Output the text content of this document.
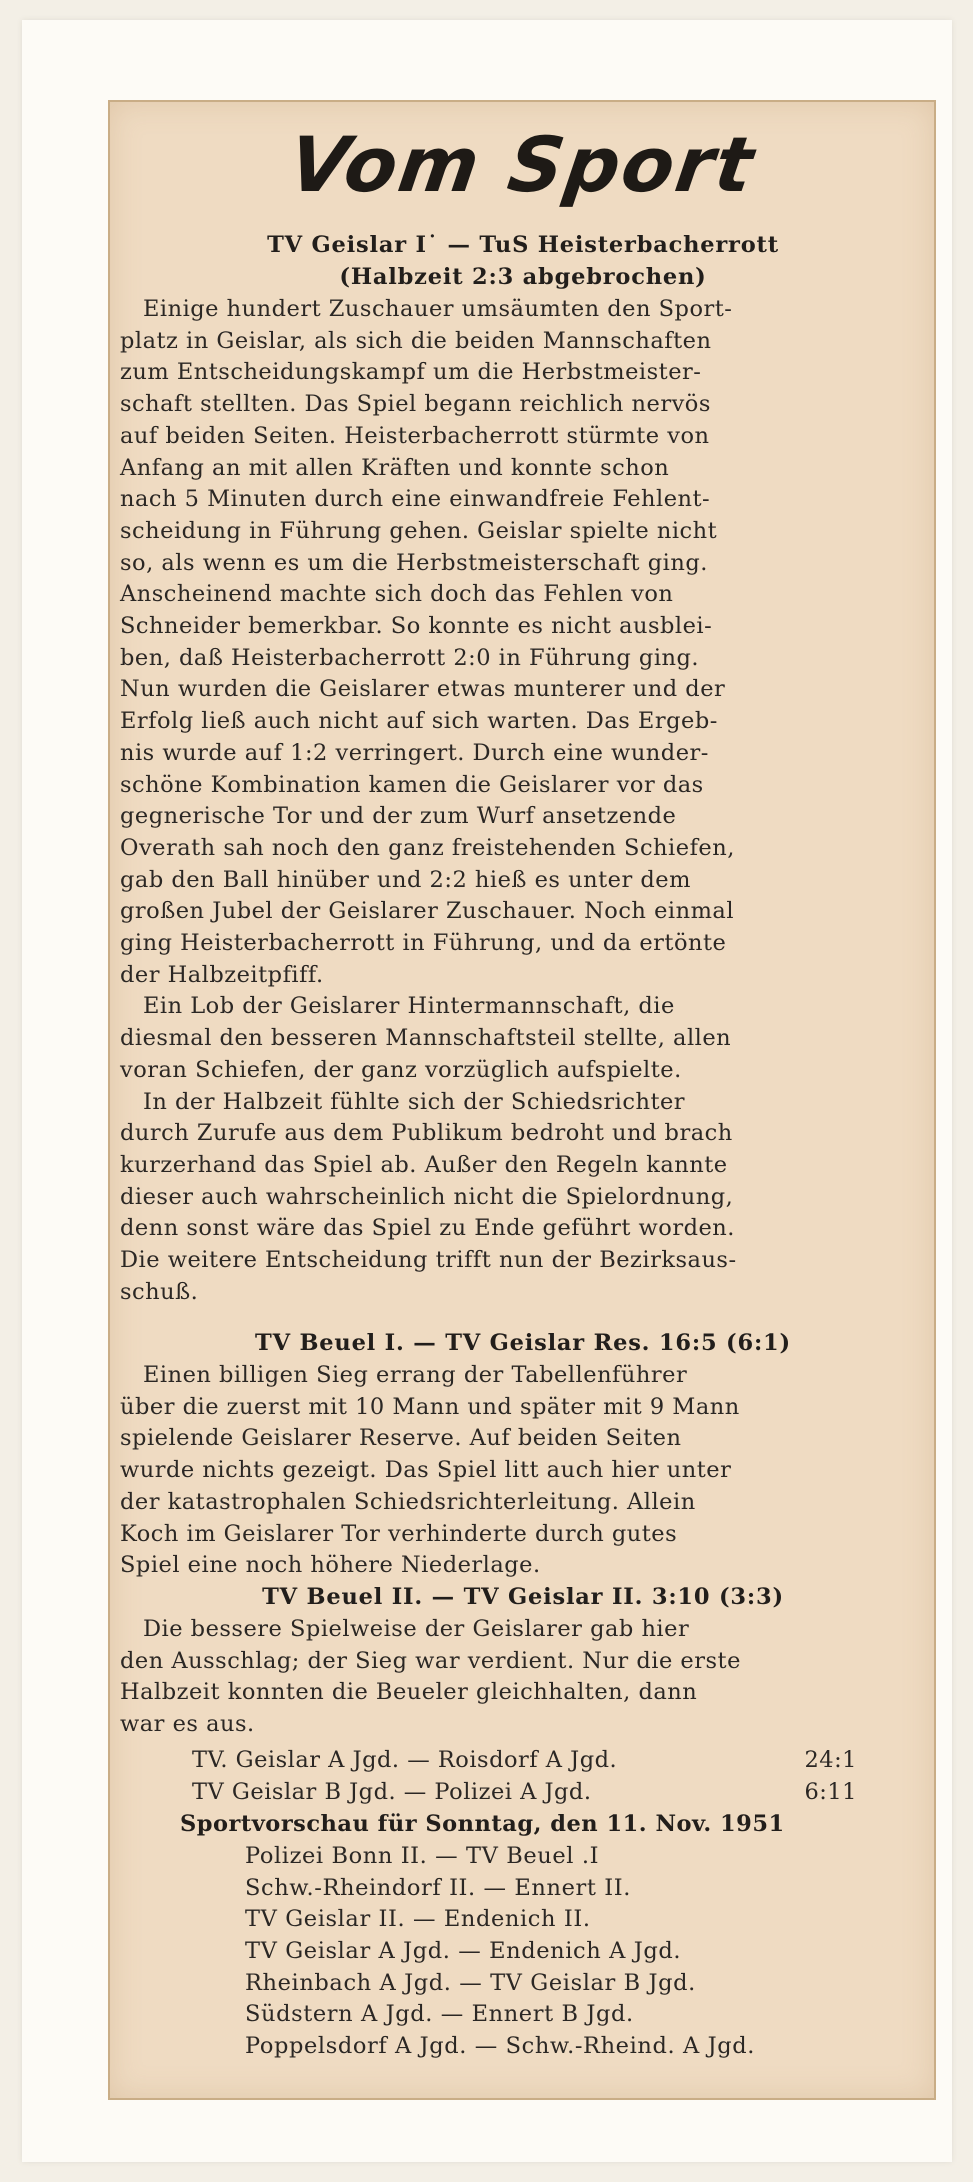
Vom Sport
TV Geislar I˙ — TuS Heisterbacherrott
(Halbzeit 2:3 abgebrochen)
Einige hundert Zuschauer umsäumten den Sport-
platz in Geislar, als sich die beiden Mannschaften
zum Entscheidungskampf um die Herbstmeister-
schaft stellten. Das Spiel begann reichlich nervös
auf beiden Seiten. Heisterbacherrott stürmte von
Anfang an mit allen Kräften und konnte schon
nach 5 Minuten durch eine einwandfreie Fehlent-
scheidung in Führung gehen. Geislar spielte nicht
so, als wenn es um die Herbstmeisterschaft ging.
Anscheinend machte sich doch das Fehlen von
Schneider bemerkbar. So konnte es nicht ausblei-
ben, daß Heisterbacherrott 2:0 in Führung ging.
Nun wurden die Geislarer etwas munterer und der
Erfolg ließ auch nicht auf sich warten. Das Ergeb-
nis wurde auf 1:2 verringert. Durch eine wunder-
schöne Kombination kamen die Geislarer vor das
gegnerische Tor und der zum Wurf ansetzende
Overath sah noch den ganz freistehenden Schiefen,
gab den Ball hinüber und 2:2 hieß es unter dem
großen Jubel der Geislarer Zuschauer. Noch einmal
ging Heisterbacherrott in Führung, und da ertönte
der Halbzeitpfiff.
Ein Lob der Geislarer Hintermannschaft, die
diesmal den besseren Mannschaftsteil stellte, allen
voran Schiefen, der ganz vorzüglich aufspielte.
In der Halbzeit fühlte sich der Schiedsrichter
durch Zurufe aus dem Publikum bedroht und brach
kurzerhand das Spiel ab. Außer den Regeln kannte
dieser auch wahrscheinlich nicht die Spielordnung,
denn sonst wäre das Spiel zu Ende geführt worden.
Die weitere Entscheidung trifft nun der Bezirksaus-
schuß.
TV Beuel I. — TV Geislar Res. 16:5 (6:1)
Einen billigen Sieg errang der Tabellenführer
über die zuerst mit 10 Mann und später mit 9 Mann
spielende Geislarer Reserve. Auf beiden Seiten
wurde nichts gezeigt. Das Spiel litt auch hier unter
der katastrophalen Schiedsrichterleitung. Allein
Koch im Geislarer Tor verhinderte durch gutes
Spiel eine noch höhere Niederlage.
TV Beuel II. — TV Geislar II. 3:10 (3:3)
Die bessere Spielweise der Geislarer gab hier
den Ausschlag; der Sieg war verdient. Nur die erste
Halbzeit konnten die Beueler gleichhalten, dann
war es aus.
TV. Geislar A Jgd. — Roisdorf A Jgd.	24:1
TV Geislar B Jgd. — Polizei A Jgd.	6:11
Sportvorschau für Sonntag, den 11. Nov. 1951
Polizei Bonn II. — TV Beuel .I
Schw.-Rheindorf II. — Ennert II.
TV Geislar II. — Endenich II.
TV Geislar A Jgd. — Endenich A Jgd.
Rheinbach A Jgd. — TV Geislar B Jgd.
Südstern A Jgd. — Ennert B Jgd.
Poppelsdorf A Jgd. — Schw.-Rheind. A Jgd.
